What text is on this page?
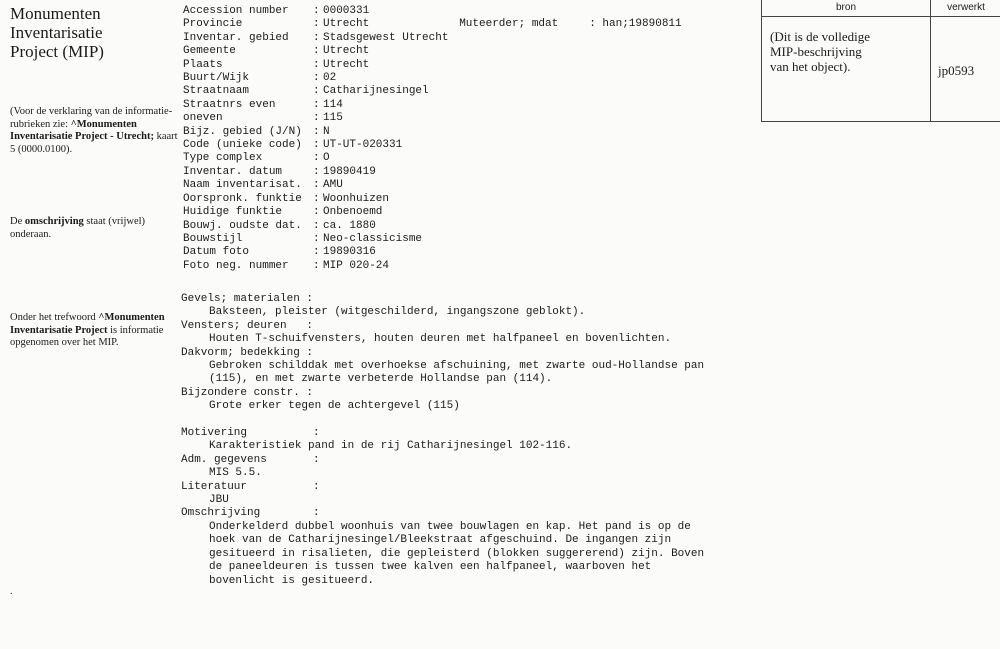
Monumenten
Inventarisatie
Project (MIP)
(Voor de verklaring van de informatie-rubrieken zie: ^Monumenten Inventarisatie Project - Utrecht; kaart 5 (0000.0100).
De omschrijving staat (vrijwel) onderaan.
Onder het trefwoord ^Monumenten Inventarisatie Project is informatie opgenomen over het MIP.
.
Accession number	: 0000331
Provincie	: Utrecht
Inventar. gebied	: Stadsgewest Utrecht
Gemeente	: Utrecht
Plaats	: Utrecht
Buurt/Wijk	: 02
Straatnaam	: Catharijnesingel
Straatnrs even	: 114
oneven	: 115
Bijz. gebied (J/N)	: N
Code (unieke code)	: UT-UT-020331
Type complex	: O
Inventar. datum	: 19890419
Naam inventarisat.	: AMU
Oorspronk. funktie	: Woonhuizen
Huidige funktie	: Onbenoemd
Bouwj. oudste dat.	: ca. 1880
Bouwstijl	: Neo-classicisme
Datum foto	: 19890316
Foto neg. nummer	: MIP 020-24

Muteerder; mdat	: han;19890811

Gevels; materialen :
Baksteen, pleister (witgeschilderd, ingangszone geblokt).
Vensters; deuren   :
Houten T-schuifvensters, houten deuren met halfpaneel en bovenlichten.
Dakvorm; bedekking :
Gebroken schilddak met overhoekse afschuining, met zwarte oud-Hollandse pan
(115), en met zwarte verbeterde Hollandse pan (114).
Bijzondere constr. :
Grote erker tegen de achtergevel (115)
Motivering	:
Karakteristiek pand in de rij Catharijnesingel 102-116.
Adm. gegevens	:
MIS 5.5.
Literatuur	:
JBU
Omschrijving	:
Onderkelderd dubbel woonhuis van twee bouwlagen en kap. Het pand is op de
hoek van de Catharijnesingel/Bleekstraat afgeschuind. De ingangen zijn
gesitueerd in risalieten, die gepleisterd (blokken suggererend) zijn. Boven
de paneeldeuren is tussen twee kalven een halfpaneel, waarboven het
bovenlicht is gesitueerd.
bron	verwerkt
(Dit is de volledige
MIP-beschrijving
van het object).	jp0593
